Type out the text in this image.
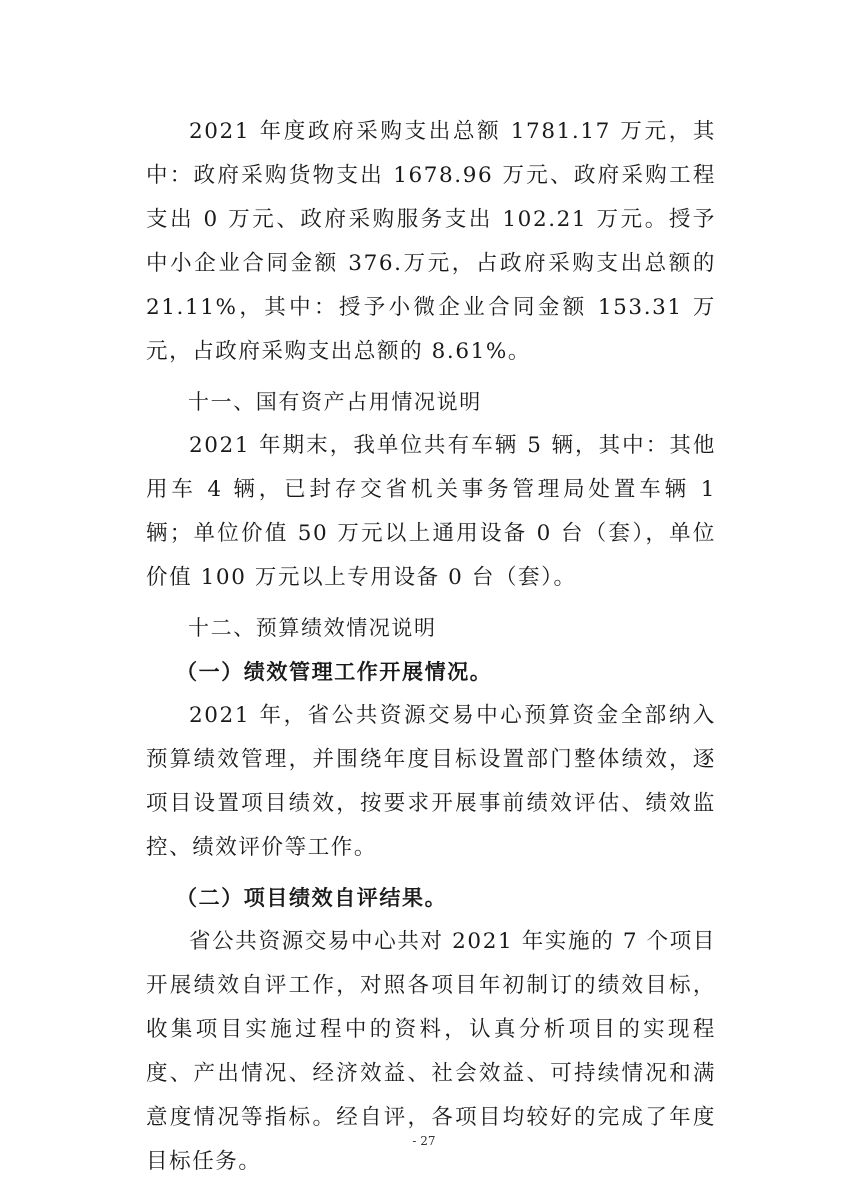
2021 年度政府采购支出总额 1781.17 万元，其中：政府采购货物支出 1678.96 万元、政府采购工程支出 0 万元、政府采购服务支出 102.21 万元。授予中小企业合同金额 376.万元，占政府采购支出总额的 21.11%，其中：授予小微企业合同金额 153.31 万元，占政府采购支出总额的 8.61%。

十一、国有资产占用情况说明

2021 年期末，我单位共有车辆 5 辆，其中：其他用车 4 辆，已封存交省机关事务管理局处置车辆 1 辆；单位价值 50 万元以上通用设备 0 台（套），单位价值 100 万元以上专用设备 0 台（套）。

十二、预算绩效情况说明

（一）绩效管理工作开展情况。

2021 年，省公共资源交易中心预算资金全部纳入预算绩效管理，并围绕年度目标设置部门整体绩效，逐项目设置项目绩效，按要求开展事前绩效评估、绩效监控、绩效评价等工作。

（二）项目绩效自评结果。

省公共资源交易中心共对 2021 年实施的 7 个项目开展绩效自评工作，对照各项目年初制订的绩效目标，收集项目实施过程中的资料，认真分析项目的实现程度、产出情况、经济效益、社会效益、可持续情况和满意度情况等指标。经自评，各项目均较好的完成了年度目标任务。

- 27
